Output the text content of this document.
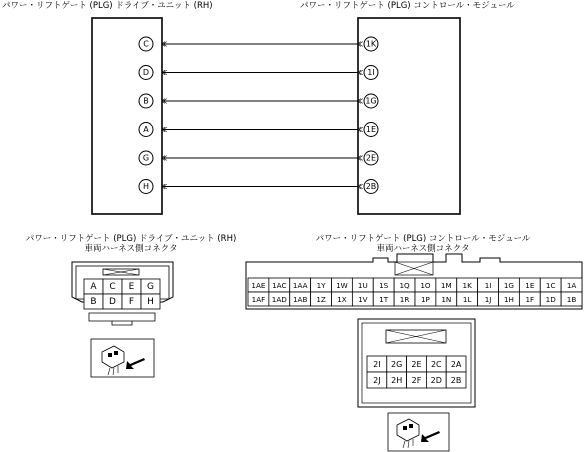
パワー・リフトゲート (PLG) ドライブ・ユニット (RH)	パワー・リフトゲート (PLG) コントロール・モジュール
パワー・リフトゲート (PLG) ドライブ・ユニット (RH)
車両ハーネス側コネクタ
パワー・リフトゲート (PLG) コントロール・モジュール
車両ハーネス側コネクタ
C	1K
D	1I
B	1G
A	1E
G	2E
H	2B
A C E G
B D F H
1AE 1AC 1AA 1Y 1W 1U 1S 1Q 1O 1M 1K 1I 1G 1E 1C 1A
1AF 1AD 1AB 1Z 1X 1V 1T 1R 1P 1N 1L 1J 1H 1F 1D 1B
2I 2G 2E 2C 2A
2J 2H 2F 2D 2B
